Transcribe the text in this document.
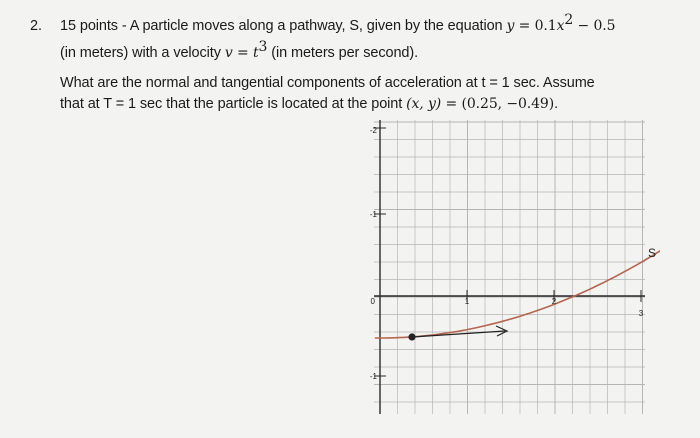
2. 15 points - A particle moves along a pathway, S, given by the equation $y = 0.1x^2 - 0.5$
(in meters) with a velocity $v = t^3$ (in meters per second).
What are the normal and tangential components of acceleration at t = 1 sec. Assume
that at T = 1 sec that the particle is located at the point (x, y) = (0.25, −0.49).
-2
-1
0
-1
1	2
3
S
